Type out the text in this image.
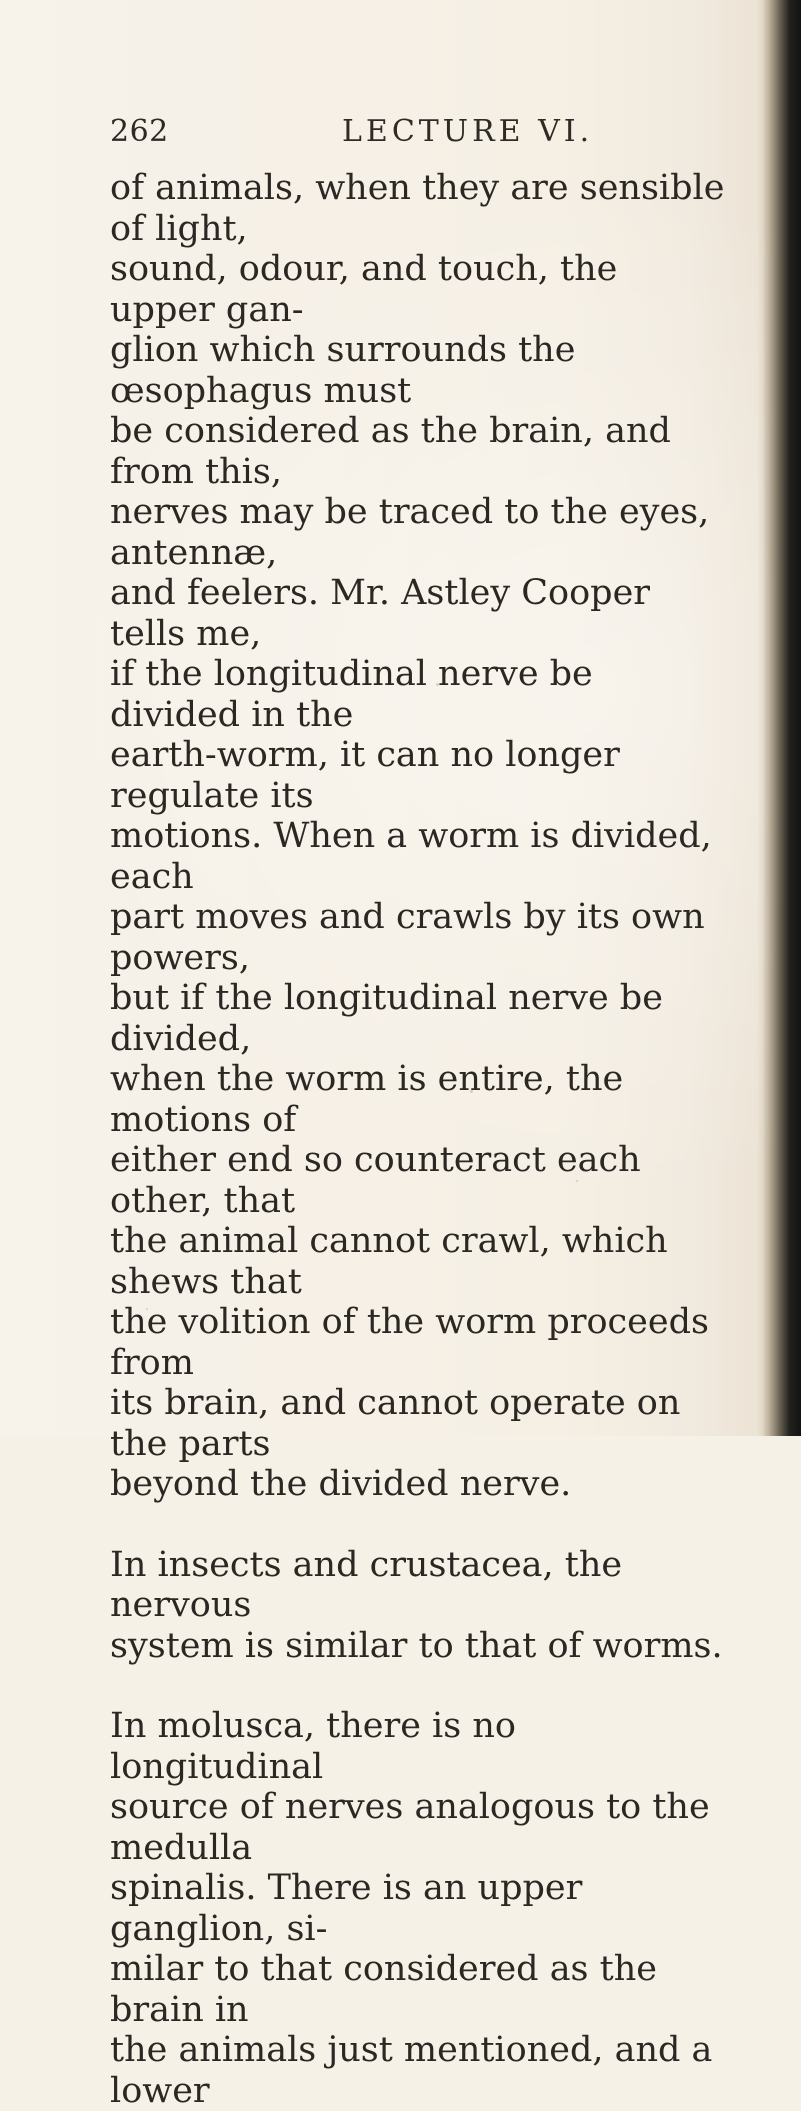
262	LECTURE VI.

of animals, when they are sensible of light,
sound, odour, and touch, the upper gan-
glion which surrounds the œsophagus must
be considered as the brain, and from this,
nerves may be traced to the eyes, antennæ,
and feelers. Mr. Astley Cooper tells me,
if the longitudinal nerve be divided in the
earth-worm, it can no longer regulate its
motions. When a worm is divided, each
part moves and crawls by its own powers,
but if the longitudinal nerve be divided,
when the worm is entire, the motions of
either end so counteract each other, that
the animal cannot crawl, which shews that
the volition of the worm proceeds from
its brain, and cannot operate on the parts
beyond the divided nerve.

In insects and crustacea, the nervous
system is similar to that of worms.

In molusca, there is no longitudinal
source of nerves analogous to the medulla
spinalis. There is an upper ganglion, si-
milar to that considered as the brain in
the animals just mentioned, and a lower
